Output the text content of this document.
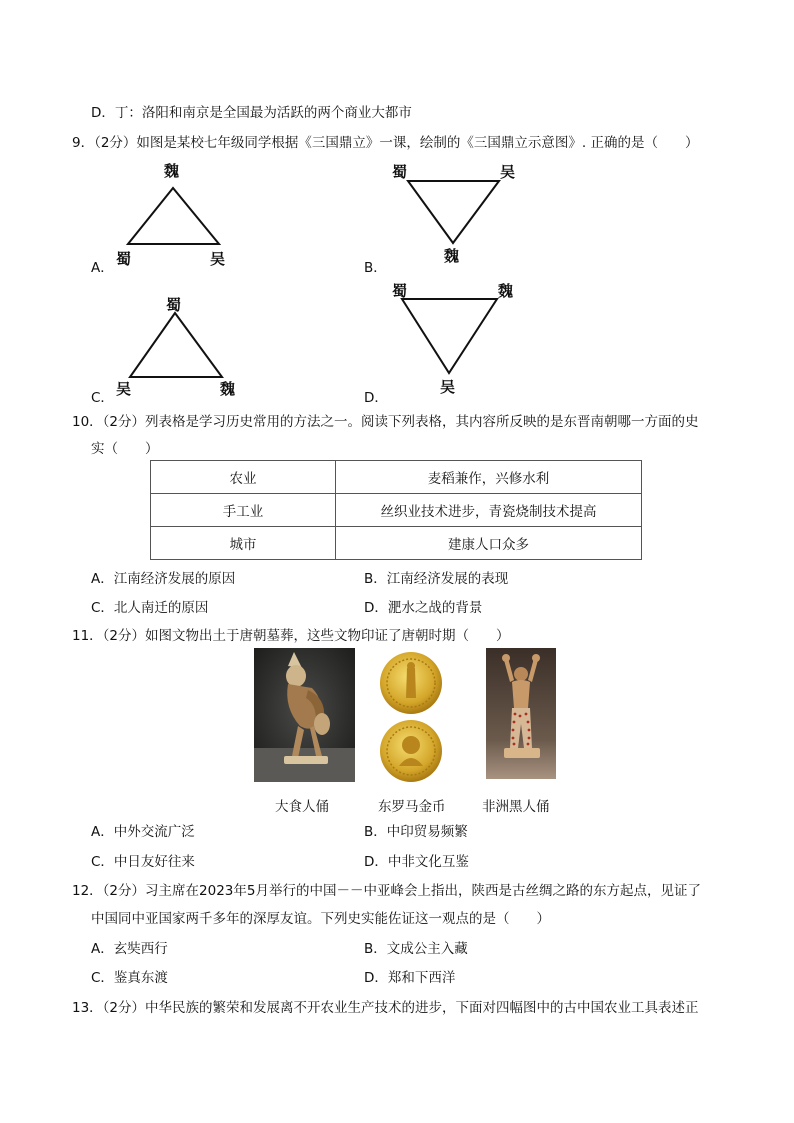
D．丁：洛阳和南京是全国最为活跃的两个商业大都市
9．（2分）如图是某校七年级同学根据《三国鼎立》一课，绘制的《三国鼎立示意图》. 正确的是（　　）
魏
蜀	吴
A．
蜀	吴
魏
B．
蜀
吴	魏
C．
蜀	魏
吴
D．
10．（2分）列表格是学习历史常用的方法之一。阅读下列表格，其内容所反映的是东晋南朝哪一方面的史
实（　　）
农业	麦稻兼作，兴修水利
手工业	丝织业技术进步，青瓷烧制技术提高
城市	建康人口众多
A．江南经济发展的原因	B．江南经济发展的表现
C．北人南迁的原因	D．淝水之战的背景
11．（2分）如图文物出土于唐朝墓葬，这些文物印证了唐朝时期（　　）
大食人俑	东罗马金币	非洲黑人俑
A．中外交流广泛	B．中印贸易频繁
C．中日友好往来	D．中非文化互鉴
12．（2分）习主席在2023年5月举行的中国－－中亚峰会上指出，陕西是古丝绸之路的东方起点，见证了
中国同中亚国家两千多年的深厚友谊。下列史实能佐证这一观点的是（　　）
A．玄奘西行	B．文成公主入藏
C．鉴真东渡	D．郑和下西洋
13．（2分）中华民族的繁荣和发展离不开农业生产技术的进步，下面对四幅图中的古中国农业工具表述正
